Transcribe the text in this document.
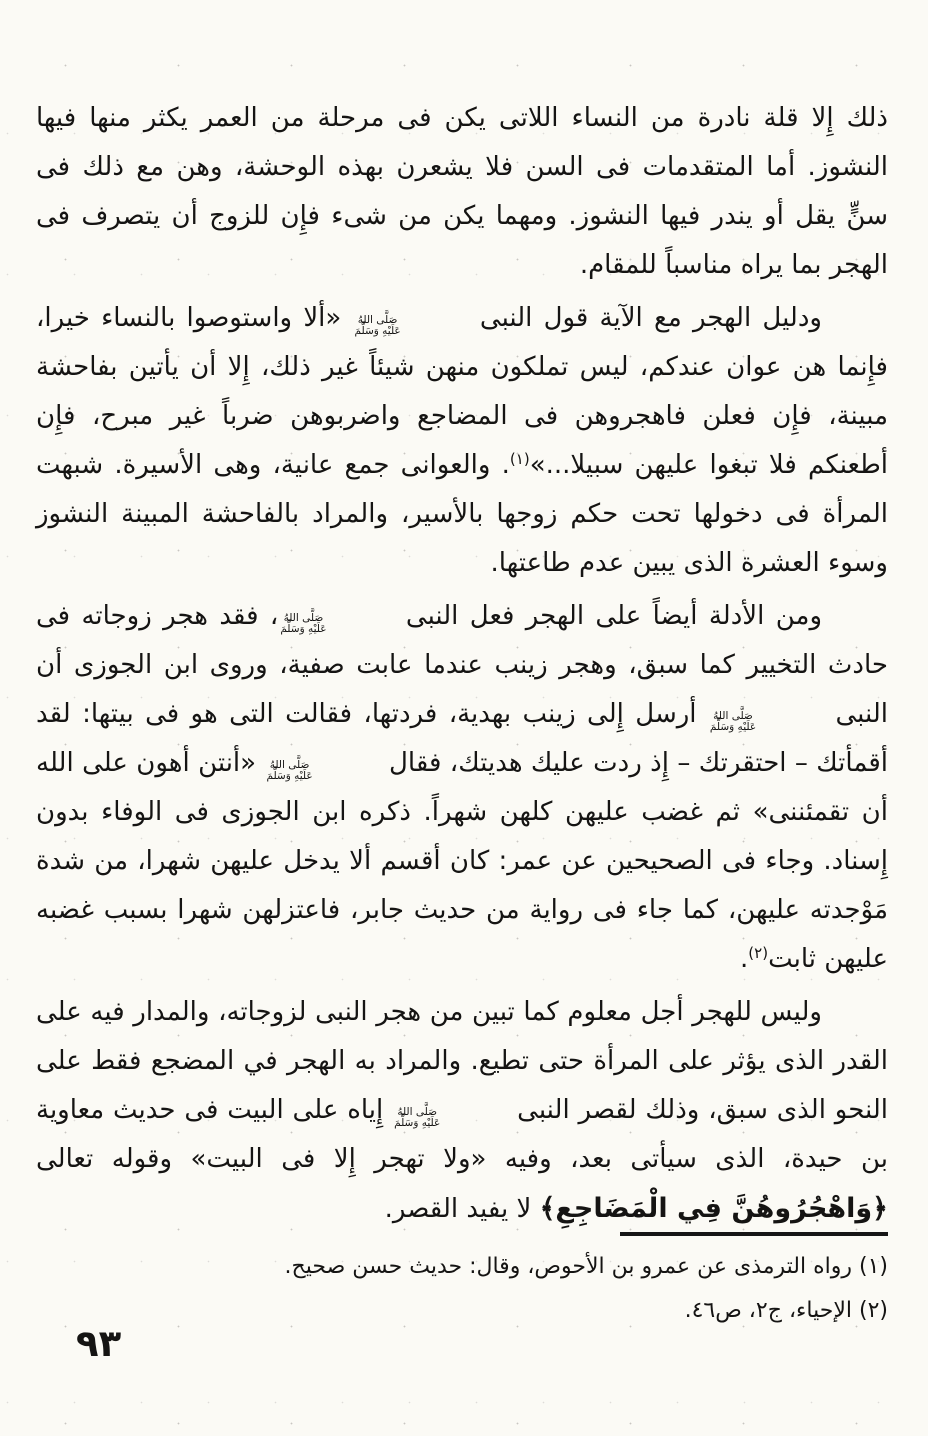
ذلك إِلا قلة نادرة من النساء اللاتى يكن فى مرحلة من العمر يكثر منها فيها النشوز. أما المتقدمات فى السن فلا يشعرن بهذه الوحشة، وهن مع ذلك فى سنٍّ يقل أو يندر فيها النشوز. ومهما يكن من شىء فإِن للزوج أن يتصرف فى الهجر بما يراه مناسباً للمقام.

ودليل الهجر مع الآية قول النبى
صَلَّى اللهُ
عَلَيْهِ وَسَلَّمَ
«ألا واستوصوا بالنساء خيرا، فإِنما هن عوان عندكم، ليس تملكون منهن شيئاً غير ذلك، إِلا أن يأتين بفاحشة مبينة، فإِن فعلن فاهجروهن فى المضاجع واضربوهن ضرباً غير مبرح، فإِن أطعنكم فلا تبغوا عليهن سبيلا...»$^{(١)}$. والعوانى جمع عانية، وهى الأسيرة. شبهت المرأة فى دخولها تحت حكم زوجها بالأسير، والمراد بالفاحشة المبينة النشوز وسوء العشرة الذى يبين عدم طاعتها.

ومن الأدلة أيضاً على الهجر فعل النبى
صَلَّى اللهُ
عَلَيْهِ وَسَلَّمَ
، فقد هجر زوجاته فى حادث التخيير كما سبق، وهجر زينب عندما عابت صفية، وروى ابن الجوزى أن النبى
صَلَّى اللهُ
عَلَيْهِ وَسَلَّمَ
أرسل إِلى زينب بهدية، فردتها، فقالت التى هو فى بيتها: لقد أقمأتك – احتقرتك – إِذ ردت عليك هديتك، فقال
صَلَّى اللهُ
عَلَيْهِ وَسَلَّمَ
«أنتن أهون على الله أن تقمئننى» ثم غضب عليهن كلهن شهراً. ذكره ابن الجوزى فى الوفاء بدون إِسناد. وجاء فى الصحيحين عن عمر: كان أقسم ألا يدخل عليهن شهرا، من شدة مَوْجدته عليهن، كما جاء فى رواية من حديث جابر، فاعتزلهن شهرا بسبب غضبه عليهن ثابت$^{(٢)}$.

وليس للهجر أجل معلوم كما تبين من هجر النبى لزوجاته، والمدار فيه على القدر الذى يؤثر على المرأة حتى تطيع. والمراد به الهجر في المضجع فقط على النحو الذى سبق، وذلك لقصر النبى
صَلَّى اللهُ
عَلَيْهِ وَسَلَّمَ
إِياه على البيت فى حديث معاوية بن حيدة، الذى سيأتى بعد، وفيه «ولا تهجر إِلا فى البيت» وقوله تعالى ﴿وَاهْجُرُوهُنَّ فِي الْمَضَاجِعِ﴾ لا يفيد القصر.

(١) رواه الترمذى عن عمرو بن الأحوص، وقال: حديث حسن صحيح.

(٢) الإحياء، ج٢، ص٤٦.

٩٣
